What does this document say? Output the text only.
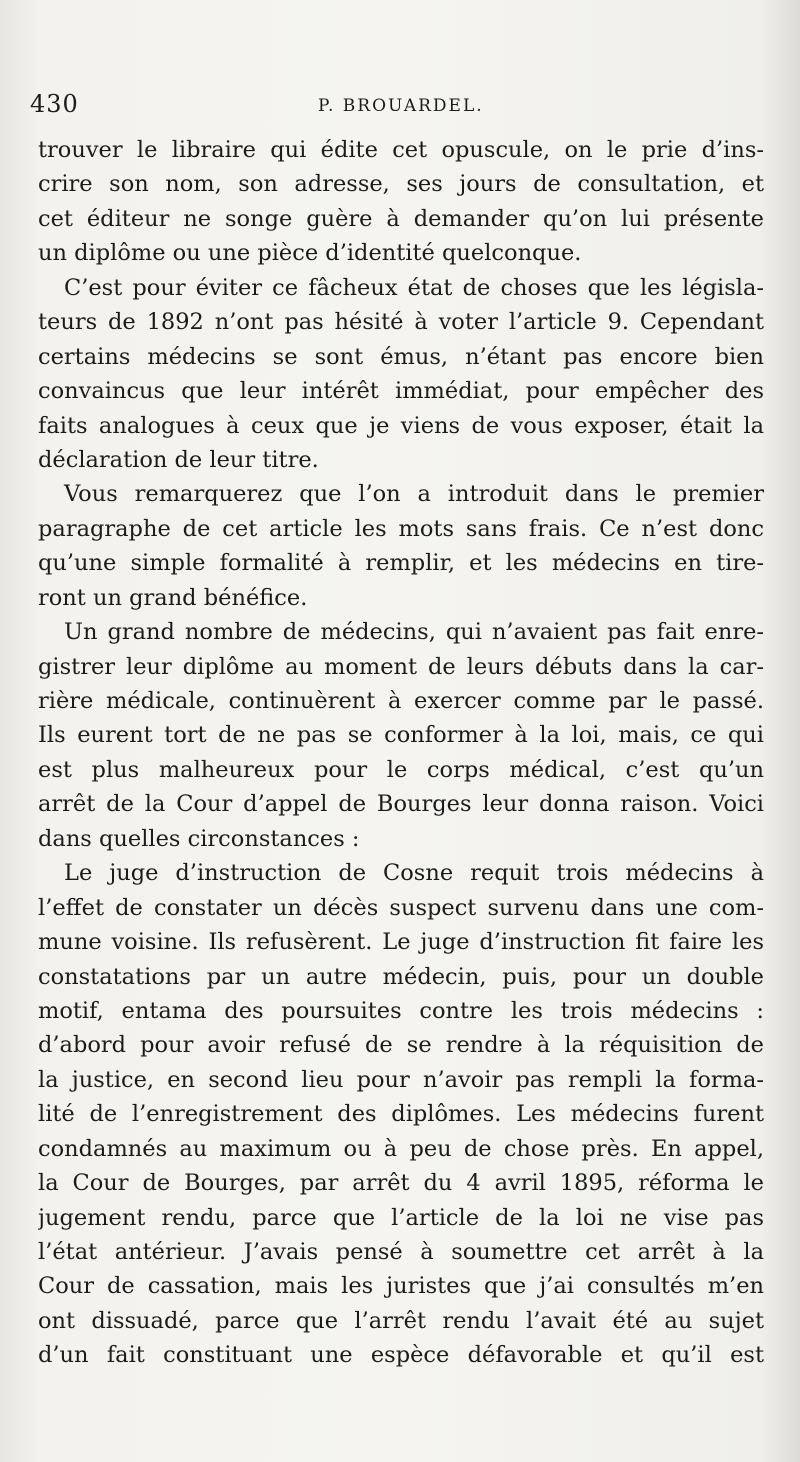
430	P. BROUARDEL.
trouver le libraire qui édite cet opuscule, on le prie d’ins-
crire son nom, son adresse, ses jours de consultation, et
cet éditeur ne songe guère à demander qu’on lui présente
un diplôme ou une pièce d’identité quelconque.
C’est pour éviter ce fâcheux état de choses que les législa-
teurs de 1892 n’ont pas hésité à voter l’article 9. Cependant
certains médecins se sont émus, n’étant pas encore bien
convaincus que leur intérêt immédiat, pour empêcher des
faits analogues à ceux que je viens de vous exposer, était la
déclaration de leur titre.
Vous remarquerez que l’on a introduit dans le premier
paragraphe de cet article les mots sans frais. Ce n’est donc
qu’une simple formalité à remplir, et les médecins en tire-
ront un grand bénéfice.
Un grand nombre de médecins, qui n’avaient pas fait enre-
gistrer leur diplôme au moment de leurs débuts dans la car-
rière médicale, continuèrent à exercer comme par le passé.
Ils eurent tort de ne pas se conformer à la loi, mais, ce qui
est plus malheureux pour le corps médical, c’est qu’un
arrêt de la Cour d’appel de Bourges leur donna raison. Voici
dans quelles circonstances :
Le juge d’instruction de Cosne requit trois médecins à
l’effet de constater un décès suspect survenu dans une com-
mune voisine. Ils refusèrent. Le juge d’instruction fit faire les
constatations par un autre médecin, puis, pour un double
motif, entama des poursuites contre les trois médecins :
d’abord pour avoir refusé de se rendre à la réquisition de
la justice, en second lieu pour n’avoir pas rempli la forma-
lité de l’enregistrement des diplômes. Les médecins furent
condamnés au maximum ou à peu de chose près. En appel,
la Cour de Bourges, par arrêt du 4 avril 1895, réforma le
jugement rendu, parce que l’article de la loi ne vise pas
l’état antérieur. J’avais pensé à soumettre cet arrêt à la
Cour de cassation, mais les juristes que j’ai consultés m’en
ont dissuadé, parce que l’arrêt rendu l’avait été au sujet
d’un fait constituant une espèce défavorable et qu’il est
